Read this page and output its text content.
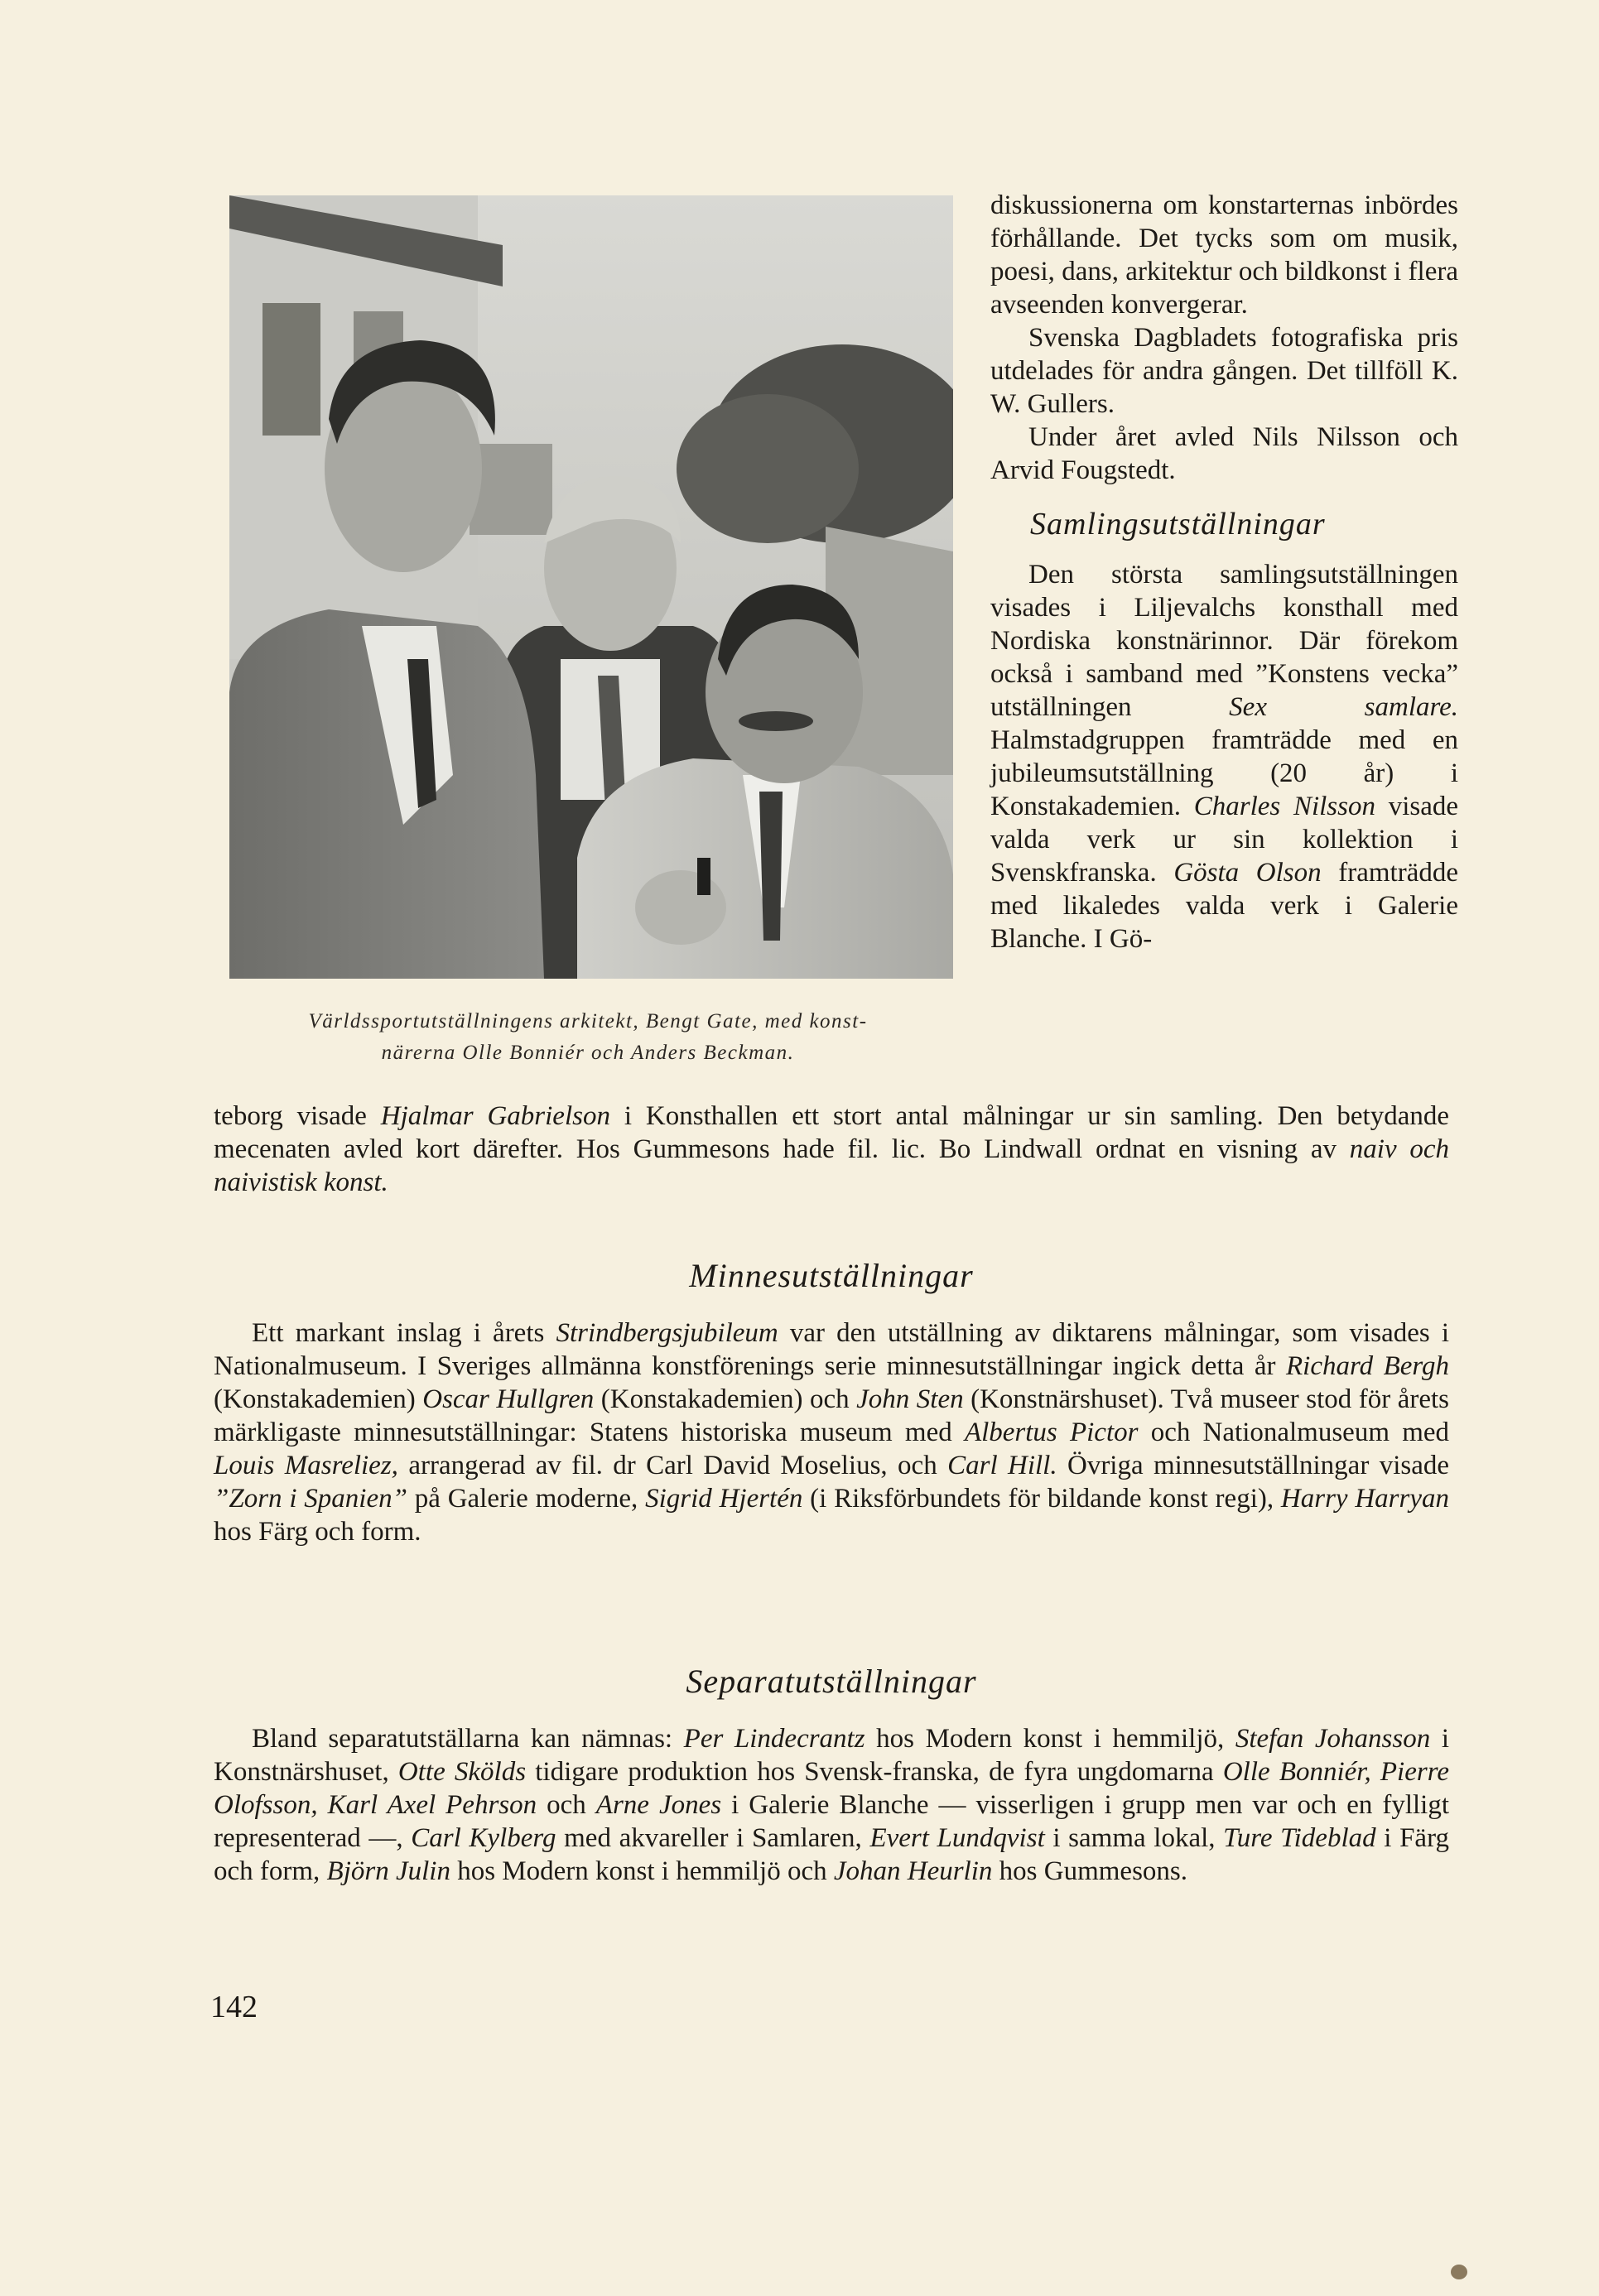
Världssportutställningens arkitekt, Bengt Gate, med konst-
närerna Olle Bonniér och Anders Beckman.

diskussionerna om konstarternas inbördes förhållande. Det tycks som om musik, poesi, dans, arkitektur och bildkonst i flera avseenden konvergerar.

Svenska Dagbladets fotografiska pris utdelades för andra gången. Det tillföll K. W. Gullers.

Under året avled Nils Nilsson och Arvid Fougstedt.

Samlingsutställningar

Den största samlingsutställningen visades i Liljevalchs konsthall med Nordiska konstnärinnor. Där förekom också i samband med ”Konstens vecka” utställningen Sex samlare. Halmstadgruppen framträdde med en jubileumsutställning (20 år) i Konstakademien. Charles Nilsson visade valda verk ur sin kollektion i Svenskfranska. Gösta Olson framträdde med likaledes valda verk i Galerie Blanche. I Gö-

teborg visade Hjalmar Gabrielson i Konsthallen ett stort antal målningar ur sin samling. Den betydande mecenaten avled kort därefter. Hos Gummesons hade fil. lic. Bo Lindwall ordnat en visning av naiv och naivistisk konst.

Minnesutställningar

Ett markant inslag i årets Strindbergsjubileum var den utställning av diktarens målningar, som visades i Nationalmuseum. I Sveriges allmänna konstförenings serie minnesutställningar ingick detta år Richard Bergh (Konstakademien) Oscar Hullgren (Konstakademien) och John Sten (Konstnärshuset). Två museer stod för årets märkligaste minnesutställningar: Statens historiska museum med Albertus Pictor och Nationalmuseum med Louis Masreliez, arrangerad av fil. dr Carl David Moselius, och Carl Hill. Övriga minnesutställningar visade ”Zorn i Spanien” på Galerie moderne, Sigrid Hjertén (i Riksförbundets för bildande konst regi), Harry Harryan hos Färg och form.

Separatutställningar

Bland separatutställarna kan nämnas: Per Lindecrantz hos Modern konst i hemmiljö, Stefan Johansson i Konstnärshuset, Otte Skölds tidigare produktion hos Svensk-franska, de fyra ungdomarna Olle Bonniér, Pierre Olofsson, Karl Axel Pehrson och Arne Jones i Galerie Blanche — visserligen i grupp men var och en fylligt representerad —, Carl Kylberg med akvareller i Samlaren, Evert Lundqvist i samma lokal, Ture Tideblad i Färg och form, Björn Julin hos Modern konst i hemmiljö och Johan Heurlin hos Gummesons.

142
